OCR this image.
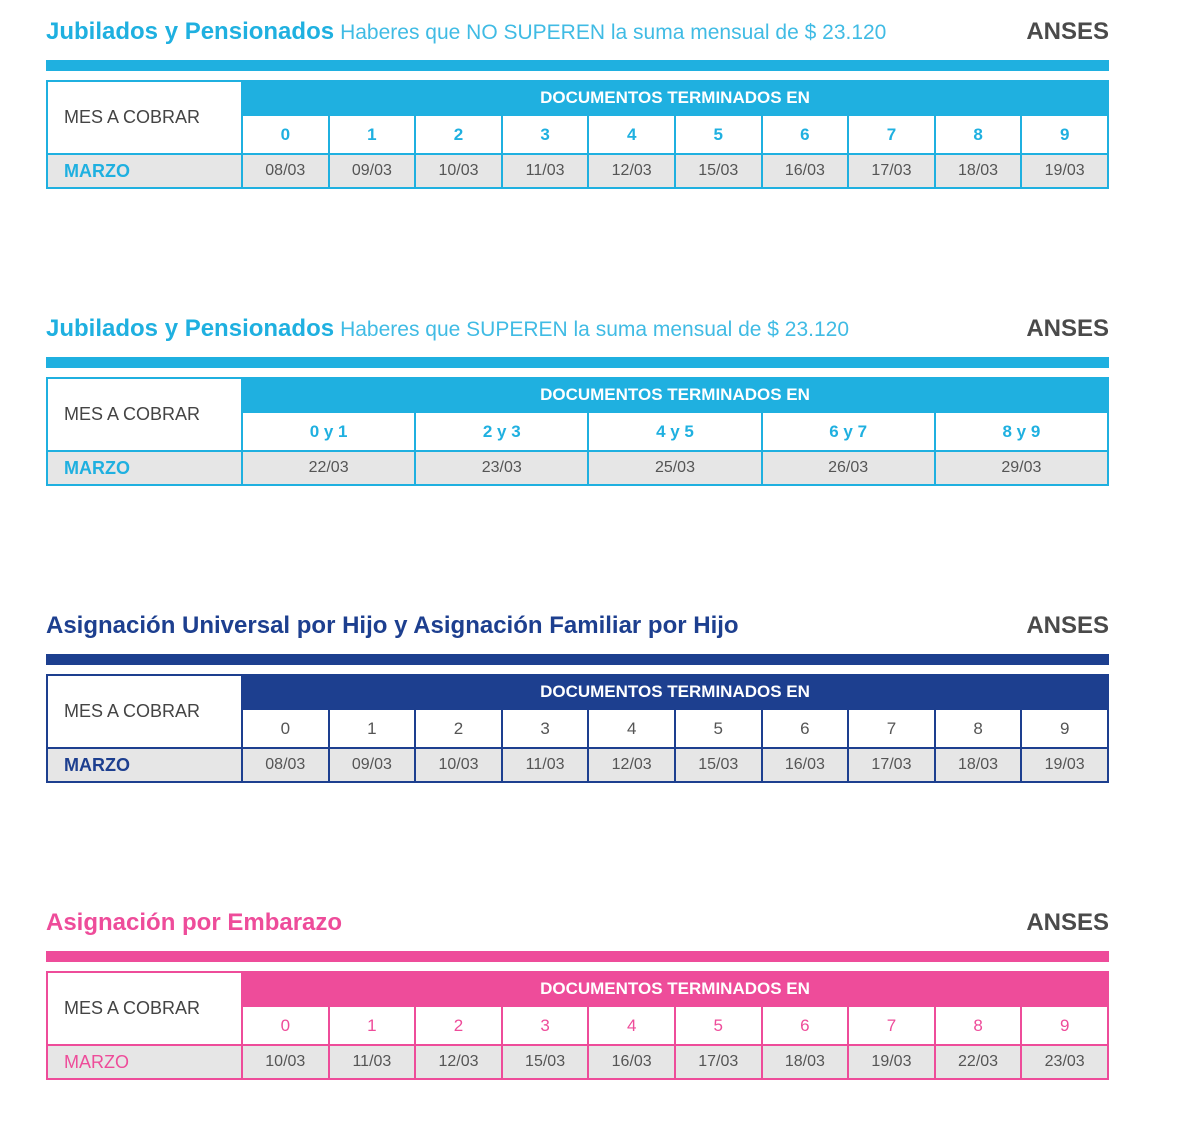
Jubilados y Pensionados Haberes que NO SUPEREN la suma mensual de $ 23.120	ANSES
MES A COBRAR	DOCUMENTOS TERMINADOS EN									
	0	1	2	3	4	5	6	7	8	9
MARZO	08/03	09/03	10/03	11/03	12/03	15/03	16/03	17/03	18/03	19/03
Jubilados y Pensionados Haberes que SUPEREN la suma mensual de $ 23.120	ANSES
MES A COBRAR	DOCUMENTOS TERMINADOS EN				
	0 y 1	2 y 3	4 y 5	6 y 7	8 y 9
MARZO	22/03	23/03	25/03	26/03	29/03
Asignación Universal por Hijo y Asignación Familiar por Hijo	ANSES
MES A COBRAR	DOCUMENTOS TERMINADOS EN									
	0	1	2	3	4	5	6	7	8	9
MARZO	08/03	09/03	10/03	11/03	12/03	15/03	16/03	17/03	18/03	19/03
Asignación por Embarazo	ANSES
MES A COBRAR	DOCUMENTOS TERMINADOS EN									
	0	1	2	3	4	5	6	7	8	9
MARZO	10/03	11/03	12/03	15/03	16/03	17/03	18/03	19/03	22/03	23/03
